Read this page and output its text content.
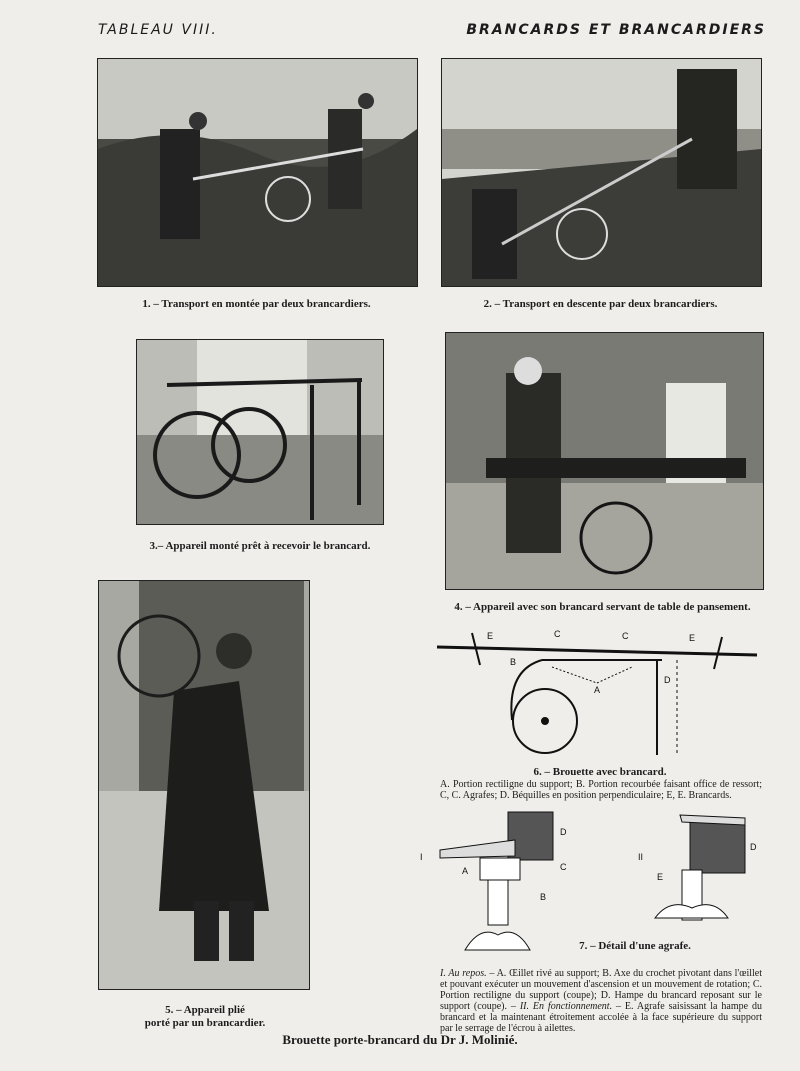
TABLEAU VIII.	BRANCARDS ET BRANCARDIERS
1. – Transport en montée par deux brancardiers.	2. – Transport en descente par deux brancardiers.
3.– Appareil monté prêt à recevoir le brancard.
4. – Appareil avec son brancard servant de table de pansement.
5. – Appareil plié
porté par un brancardier.
E	C	C	E
B
D
A
6. – Brouette avec brancard.
A. Portion rectiligne du support; B. Portion recourbée faisant office de ressort; C, C. Agrafes; D. Béquilles en position perpendiculaire; E, E. Brancards.
I	II
A
B
C
D
D
E
7. – Détail d'une agrafe.
I. Au repos. – A. Œillet rivé au support; B. Axe du crochet pivotant dans l'œillet et pouvant exécuter un mouvement d'ascension et un mouvement de rotation; C. Portion rectiligne du support (coupe); D. Hampe du brancard reposant sur le support (coupe). – II. En fonctionnement. – E. Agrafe saisissant la hampe du brancard et la maintenant étroitement accolée à la face supérieure du support par le serrage de l'écrou à ailettes.
Brouette porte-brancard du Dr J. Molinié.
